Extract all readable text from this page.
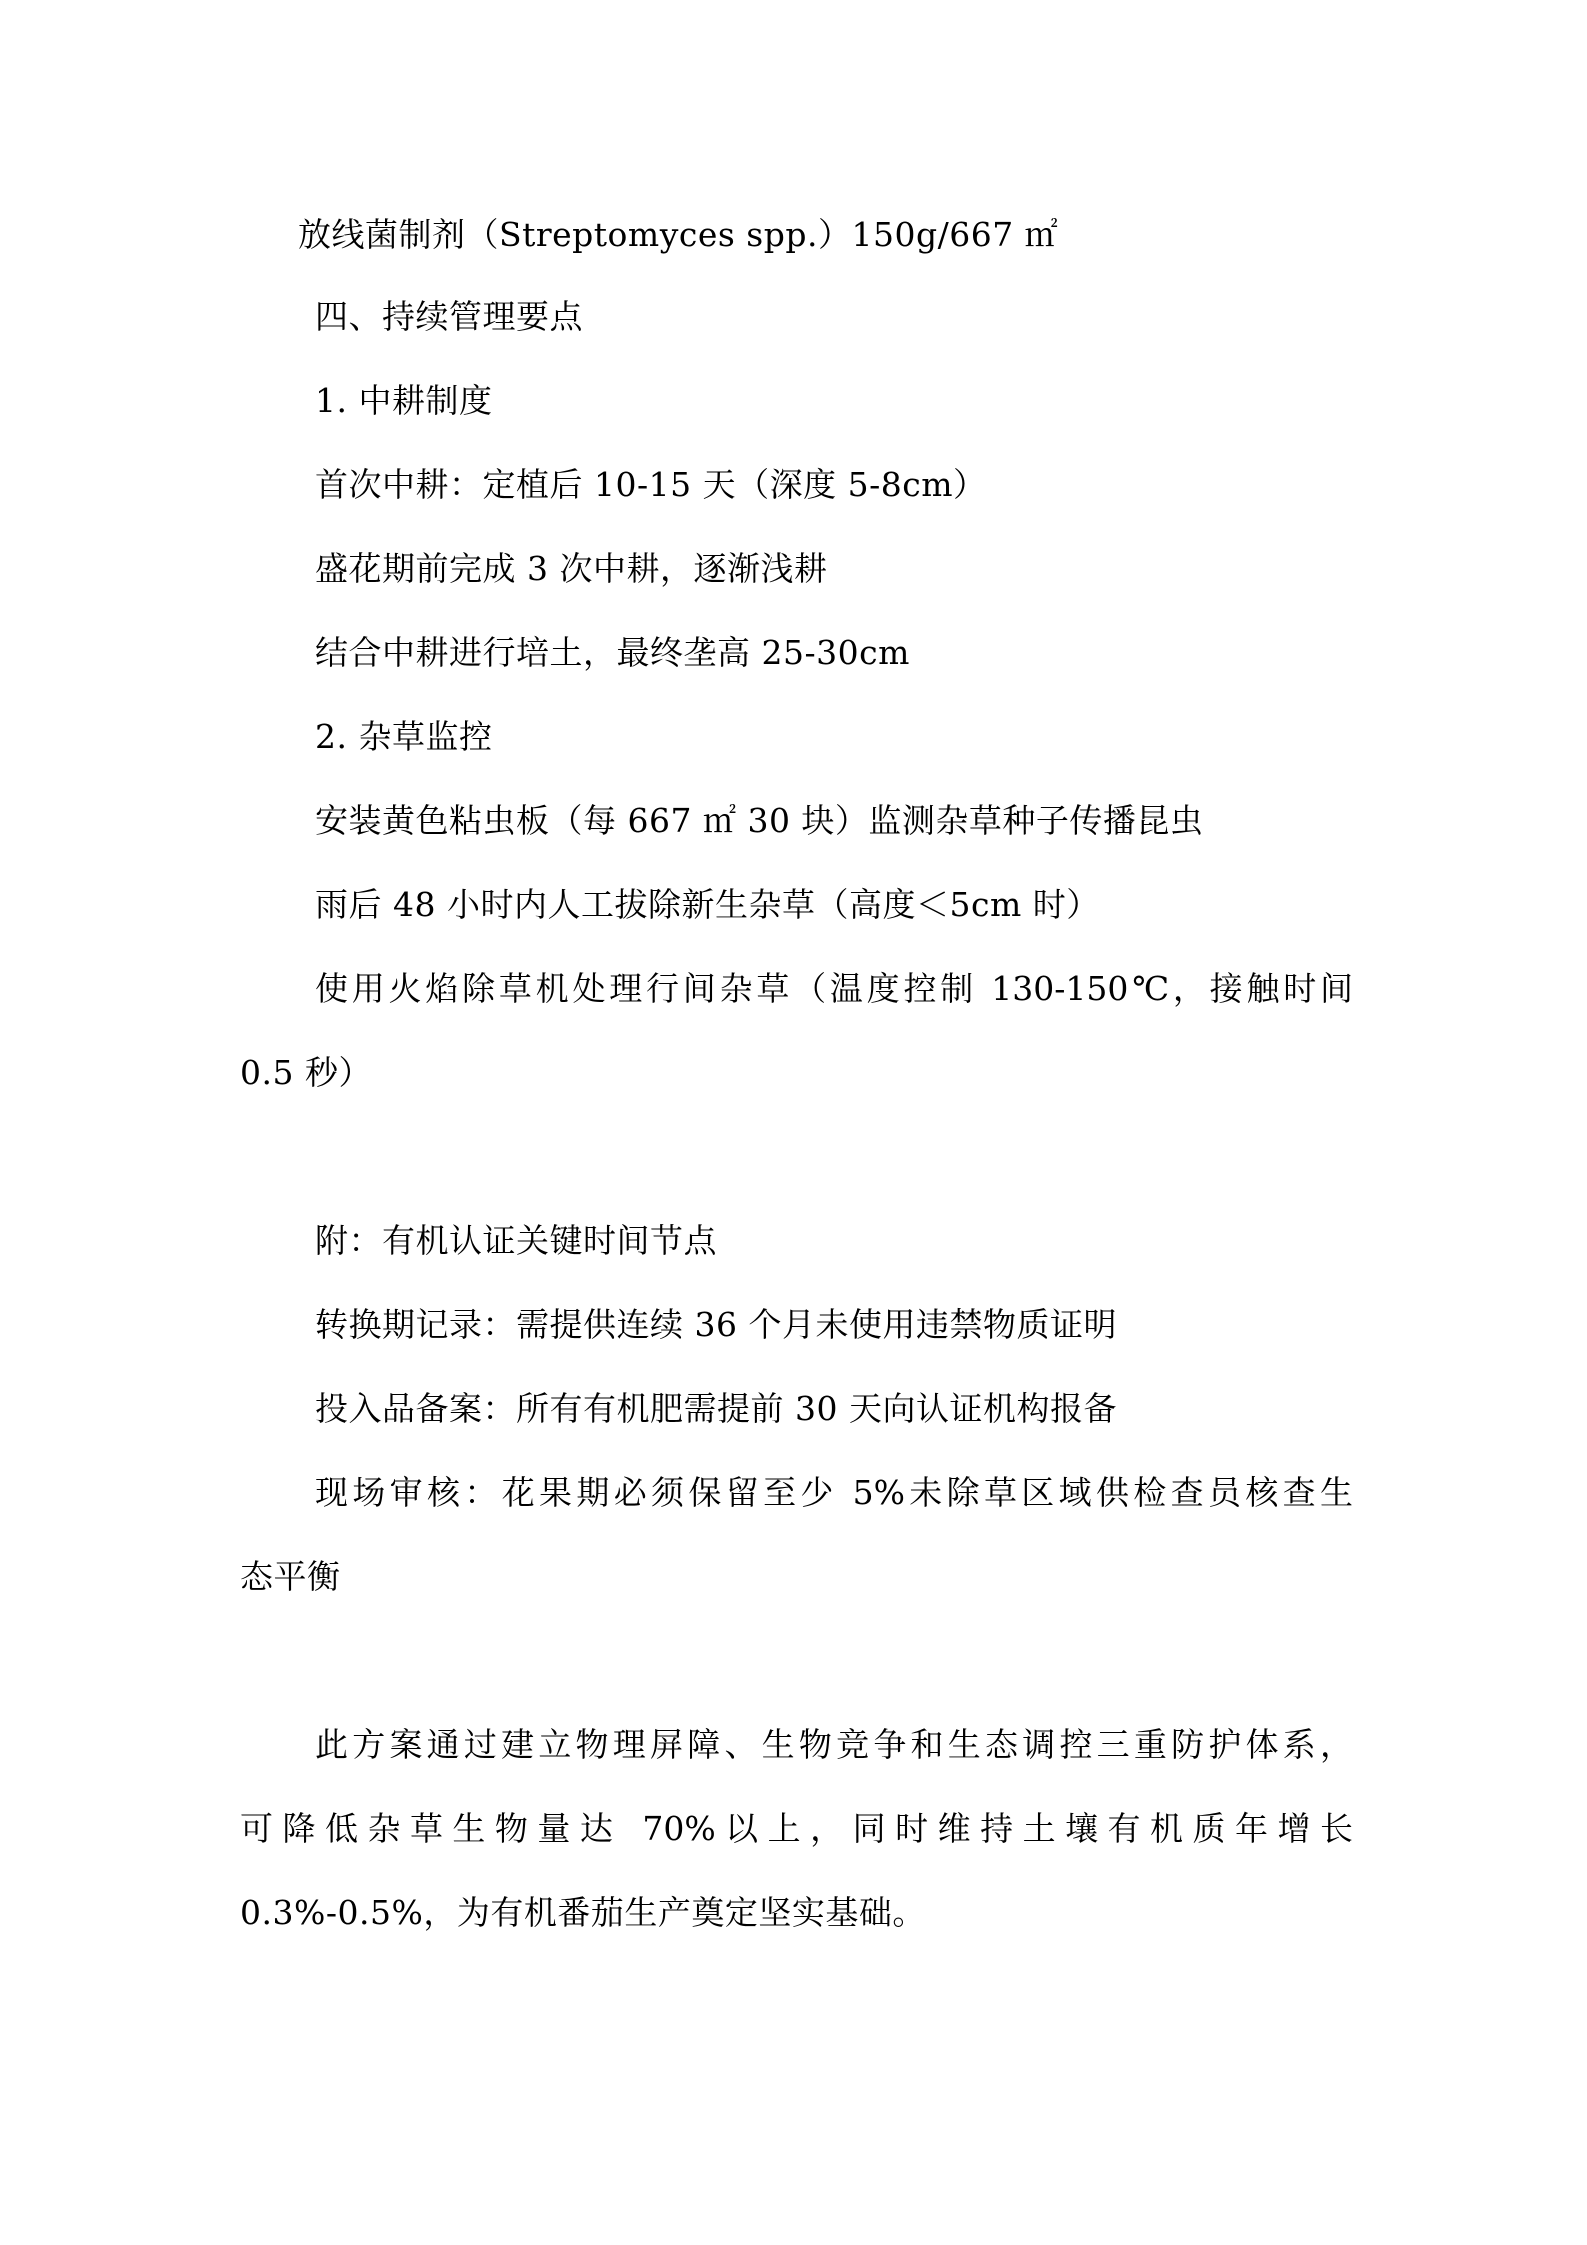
放线菌制剂（Streptomyces spp.）150g/667 ㎡
四、持续管理要点
1. 中耕制度
首次中耕：定植后 10-15 天（深度 5-8cm）
盛花期前完成 3 次中耕，逐渐浅耕
结合中耕进行培土，最终垄高 25-30cm
2. 杂草监控
安装黄色粘虫板（每 667 ㎡ 30 块）监测杂草种子传播昆虫
雨后 48 小时内人工拔除新生杂草（高度＜5cm 时）
使用火焰除草机处理行间杂草（温度控制 130-150℃，接触时间
0.5 秒）
附：有机认证关键时间节点
转换期记录：需提供连续 36 个月未使用违禁物质证明
投入品备案：所有有机肥需提前 30 天向认证机构报备
现场审核：花果期必须保留至少 5%未除草区域供检查员核查生
态平衡
此方案通过建立物理屏障、生物竞争和生态调控三重防护体系，
可降低杂草生物量达 70%以上，同时维持土壤有机质年增长
0.3%-0.5%，为有机番茄生产奠定坚实基础。
